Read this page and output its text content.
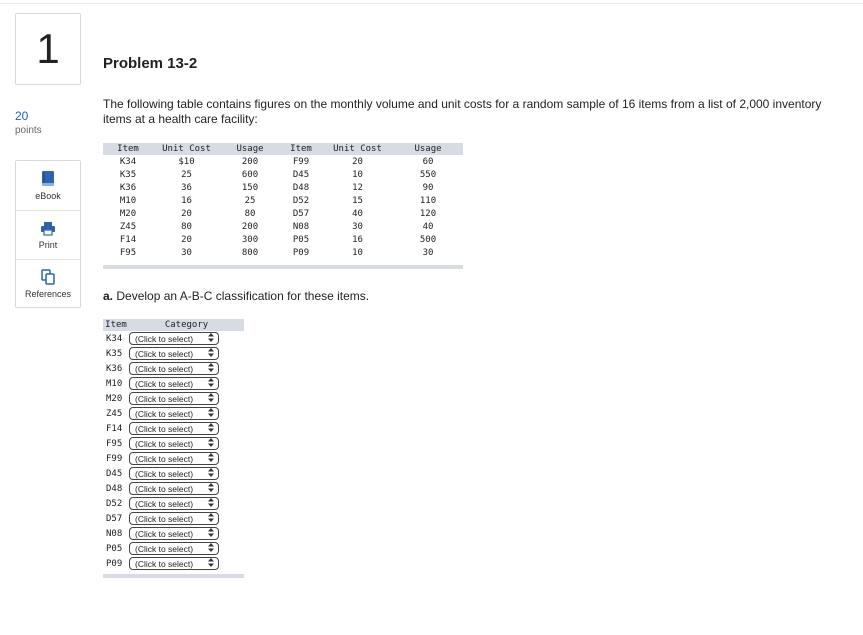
1
20
points
eBook
Print
References
Problem 13-2

The following table contains figures on the monthly volume and unit costs for a random sample of 16 items from a list of 2,000 inventory items at a health care facility:

Item	Unit Cost	Usage	Item	Unit Cost	Usage
K34	$10	200	F99	20	60
K35	25	600	D45	10	550
K36	36	150	D48	12	90
M10	16	25	D52	15	110
M20	20	80	D57	40	120
Z45	80	200	N08	30	40
F14	20	300	P05	16	500
F95	30	800	P09	10	30

a. Develop an A-B-C classification for these items.

Item	Category
K34	(Click to select)
K35	(Click to select)
K36	(Click to select)
M10	(Click to select)
M20	(Click to select)
Z45	(Click to select)
F14	(Click to select)
F95	(Click to select)
F99	(Click to select)
D45	(Click to select)
D48	(Click to select)
D52	(Click to select)
D57	(Click to select)
N08	(Click to select)
P05	(Click to select)
P09	(Click to select)
